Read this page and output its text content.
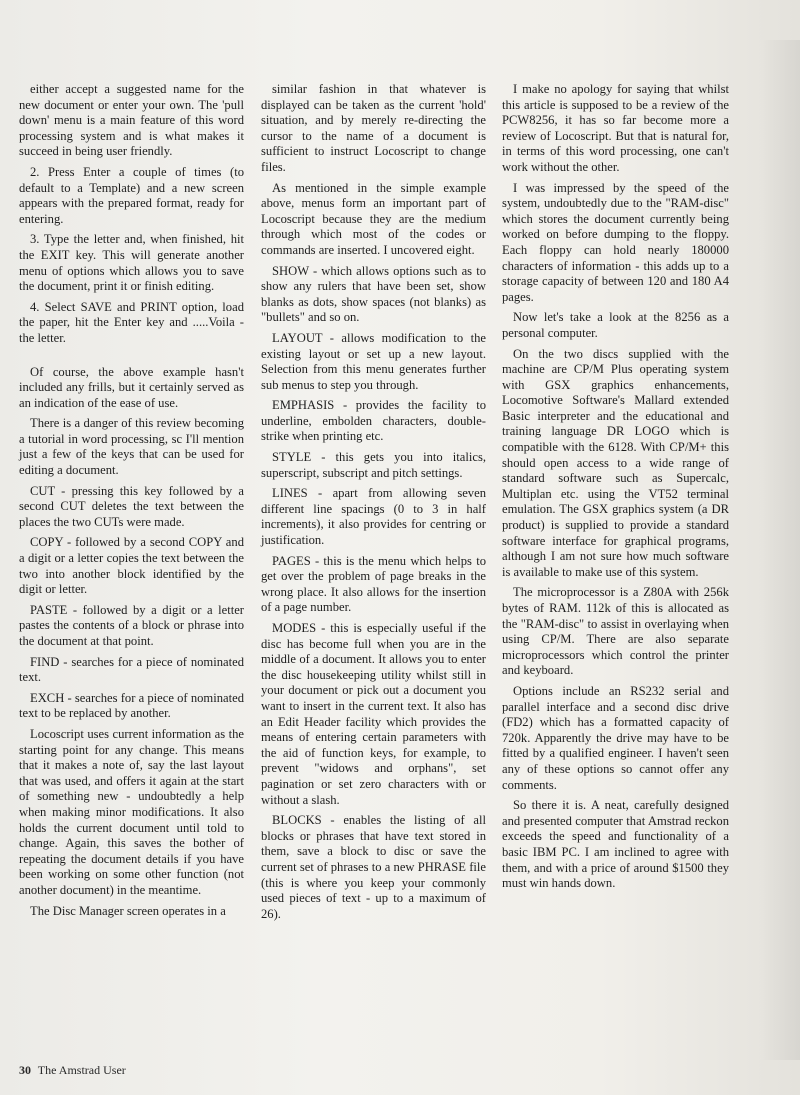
either accept a suggested name for the new document or enter your own. The 'pull down' menu is a main feature of this word processing system and is what makes it succeed in being user friendly.

2. Press Enter a couple of times (to default to a Template) and a new screen appears with the prepared format, ready for entering.

3. Type the letter and, when finished, hit the EXIT key. This will generate another menu of options which allows you to save the document, print it or finish editing.

4. Select SAVE and PRINT option, load the paper, hit the Enter key and .....Voila - the letter.

Of course, the above example hasn't included any frills, but it certainly served as an indication of the ease of use.

There is a danger of this review becoming a tutorial in word processing, sc I'll mention just a few of the keys that can be used for editing a document.

CUT - pressing this key followed by a second CUT deletes the text between the places the two CUTs were made.

COPY - followed by a second COPY and a digit or a letter copies the text between the two into another block identified by the digit or letter.

PASTE - followed by a digit or a letter pastes the contents of a block or phrase into the document at that point.

FIND - searches for a piece of nominated text.

EXCH - searches for a piece of nominated text to be replaced by another.

Locoscript uses current information as the starting point for any change. This means that it makes a note of, say the last layout that was used, and offers it again at the start of something new - undoubtedly a help when making minor modifications. It also holds the current document until told to change. Again, this saves the bother of repeating the document details if you have been working on some other function (not another document) in the meantime.

The Disc Manager screen operates in a

similar fashion in that whatever is displayed can be taken as the current 'hold' situation, and by merely re-directing the cursor to the name of a document is sufficient to instruct Locoscript to change files.

As mentioned in the simple example above, menus form an important part of Locoscript because they are the medium through which most of the codes or commands are inserted. I uncovered eight.

SHOW - which allows options such as to show any rulers that have been set, show blanks as dots, show spaces (not blanks) as "bullets" and so on.

LAYOUT - allows modification to the existing layout or set up a new layout. Selection from this menu generates further sub menus to step you through.

EMPHASIS - provides the facility to underline, embolden characters, double-strike when printing etc.

STYLE - this gets you into italics, superscript, subscript and pitch settings.

LINES - apart from allowing seven different line spacings (0 to 3 in half increments), it also provides for centring or justification.

PAGES - this is the menu which helps to get over the problem of page breaks in the wrong place. It also allows for the insertion of a page number.

MODES - this is especially useful if the disc has become full when you are in the middle of a document. It allows you to enter the disc housekeeping utility whilst still in your document or pick out a document you want to insert in the current text. It also has an Edit Header facility which provides the means of entering certain parameters with the aid of function keys, for example, to prevent "widows and orphans", set pagination or set zero characters with or without a slash.

BLOCKS - enables the listing of all blocks or phrases that have text stored in them, save a block to disc or save the current set of phrases to a new PHRASE file (this is where you keep your commonly used pieces of text - up to a maximum of 26).

I make no apology for saying that whilst this article is supposed to be a review of the PCW8256, it has so far become more a review of Locoscript. But that is natural for, in terms of this word processing, one can't work without the other.

I was impressed by the speed of the system, undoubtedly due to the "RAM-disc" which stores the document currently being worked on before dumping to the floppy. Each floppy can hold nearly 180000 characters of information - this adds up to a storage capacity of between 120 and 180 A4 pages.

Now let's take a look at the 8256 as a personal computer.

On the two discs supplied with the machine are CP/M Plus operating system with GSX graphics enhancements, Locomotive Software's Mallard extended Basic interpreter and the educational and training language DR LOGO which is compatible with the 6128. With CP/M+ this should open access to a wide range of standard software such as Supercalc, Multiplan etc. using the VT52 terminal emulation. The GSX graphics system (a DR product) is supplied to provide a standard software interface for graphical programs, although I am not sure how much software is available to make use of this system.

The microprocessor is a Z80A with 256k bytes of RAM. 112k of this is allocated as the "RAM-disc" to assist in overlaying when using CP/M. There are also separate microprocessors which control the printer and keyboard.

Options include an RS232 serial and parallel interface and a second disc drive (FD2) which has a formatted capacity of 720k. Apparently the drive may have to be fitted by a qualified engineer. I haven't seen any of these options so cannot offer any comments.

So there it is. A neat, carefully designed and presented computer that Amstrad reckon exceeds the speed and functionality of a basic IBM PC. I am inclined to agree with them, and with a price of around $1500 they must win hands down.

30 The Amstrad User
